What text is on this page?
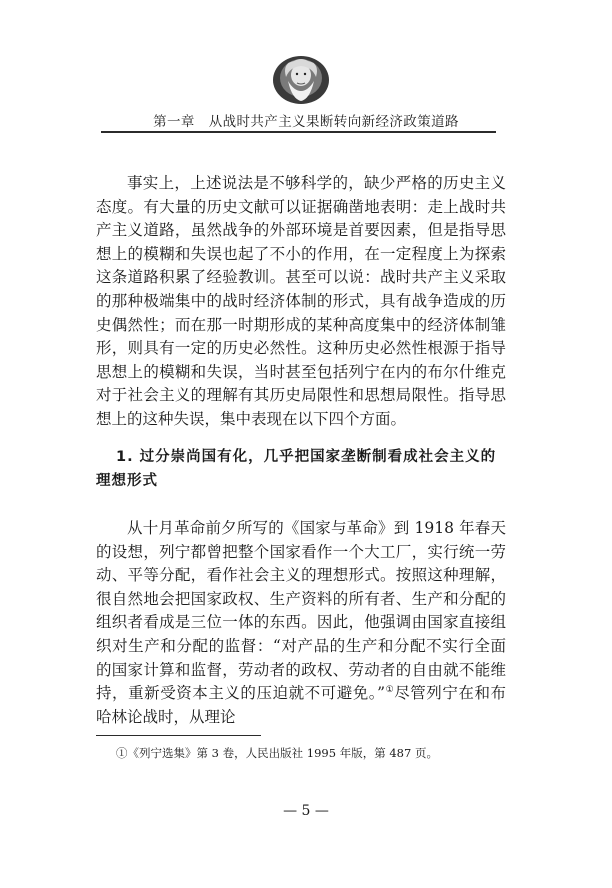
第一章　从战时共产主义果断转向新经济政策道路
事实上，上述说法是不够科学的，缺少严格的历史主义态度。有大量的历史文献可以证据确凿地表明：走上战时共产主义道路，虽然战争的外部环境是首要因素，但是指导思想上的模糊和失误也起了不小的作用，在一定程度上为探索这条道路积累了经验教训。甚至可以说：战时共产主义采取的那种极端集中的战时经济体制的形式，具有战争造成的历史偶然性；而在那一时期形成的某种高度集中的经济体制雏形，则具有一定的历史必然性。这种历史必然性根源于指导思想上的模糊和失误，当时甚至包括列宁在内的布尔什维克对于社会主义的理解有其历史局限性和思想局限性。指导思想上的这种失误，集中表现在以下四个方面。
1. 过分崇尚国有化，几乎把国家垄断制看成社会主义的
理想形式
从十月革命前夕所写的《国家与革命》到 1918 年春天的设想，列宁都曾把整个国家看作一个大工厂，实行统一劳动、平等分配，看作社会主义的理想形式。按照这种理解，很自然地会把国家政权、生产资料的所有者、生产和分配的组织者看成是三位一体的东西。因此，他强调由国家直接组织对生产和分配的监督：“对产品的生产和分配不实行全面的国家计算和监督，劳动者的政权、劳动者的自由就不能维持，重新受资本主义的压迫就不可避免。”①尽管列宁在和布哈林论战时，从理论
①《列宁选集》第 3 卷，人民出版社 1995 年版，第 487 页。
— 5 —
